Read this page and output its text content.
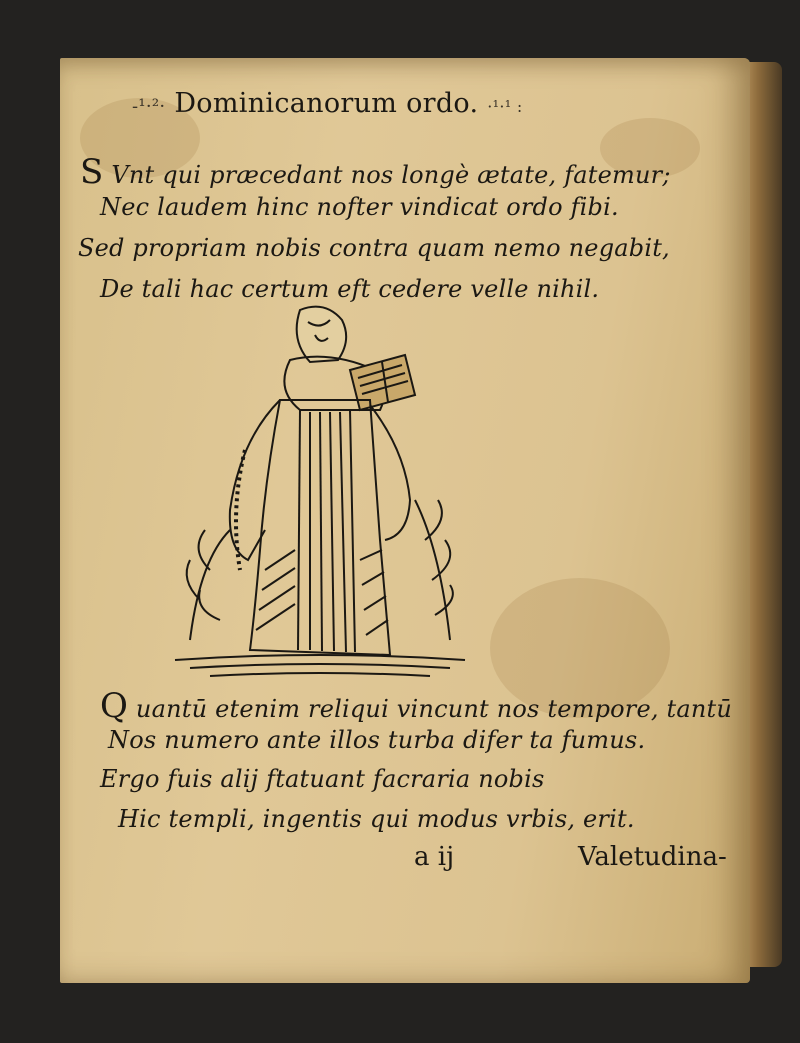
-¹·²· Dominicanorum ordo. ·¹·¹ :
S Vnt qui præcedant nos longè ætate, fatemur;
Nec laudem hinc nofter vindicat ordo fibi.
Sed propriam nobis contra quam nemo negabit,
De tali hac certum eft cedere velle nihil.
Q uantū etenim reliqui vincunt nos tempore, tantū
Nos numero ante illos turba difer ta fumus.
Ergo fuis alij ftatuant facraria nobis
Hic templi, ingentis qui modus vrbis, erit.
a ij	Valetudina-
